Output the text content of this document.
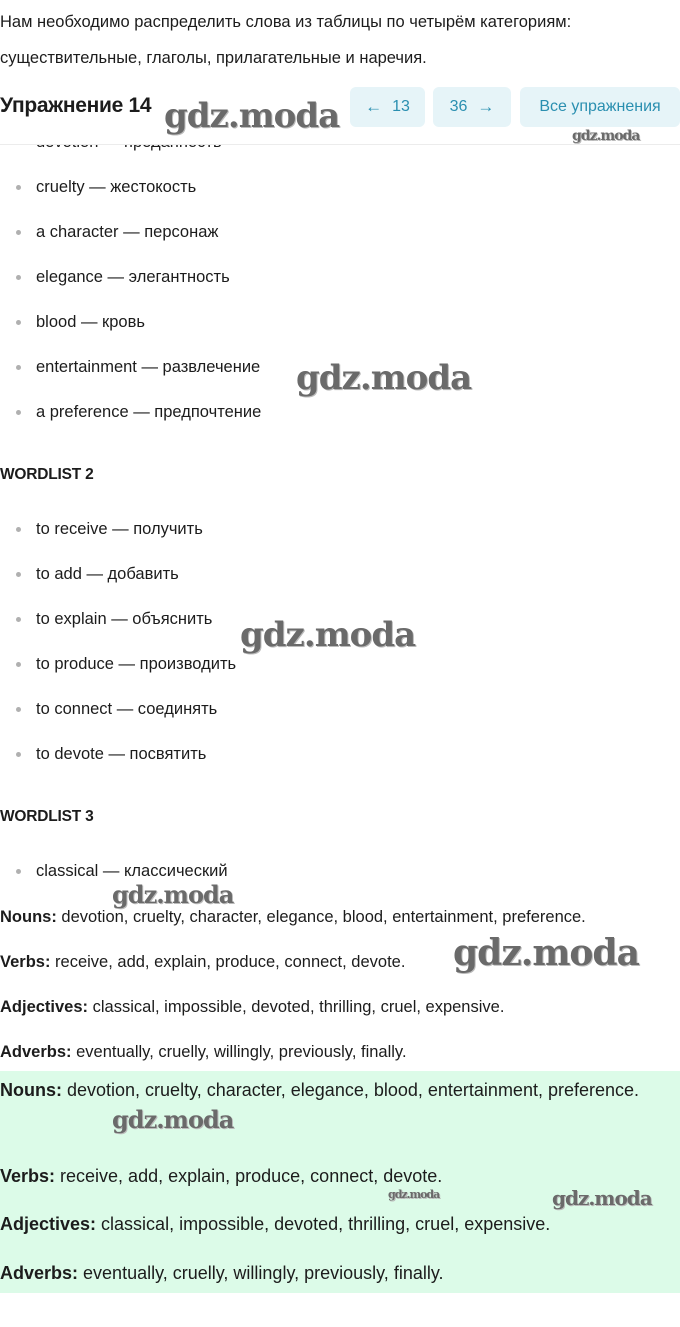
Нам необходимо распределить слова из таблицы по четырём категориям: существительные, глаголы, прилагательные и наречия.
Упражнение 14	← 13 36 →	Все упражнения
cruelty — жестокость
a character — персонаж
elegance — элегантность
blood — кровь
entertainment — развлечение
a preference — предпочтение
WORDLIST 2
to receive — получить
to add — добавить
to explain — объяснить
to produce — производить
to connect — соединять
to devote — посвятить
WORDLIST 3
classical — классический
Nouns: devotion, cruelty, character, elegance, blood, entertainment, preference.
Verbs: receive, add, explain, produce, connect, devote.
Adjectives: classical, impossible, devoted, thrilling, cruel, expensive.
Adverbs: eventually, cruelly, willingly, previously, finally.
Nouns: devotion, cruelty, character, elegance, blood, entertainment, preference.
Verbs: receive, add, explain, produce, connect, devote.
Adjectives: classical, impossible, devoted, thrilling, cruel, expensive.
Adverbs: eventually, cruelly, willingly, previously, finally.
gdz.moda	gdz.moda
gdz.moda
gdz.moda
gdz.moda
gdz.moda
gdz.moda
gdz.moda	gdz.moda
